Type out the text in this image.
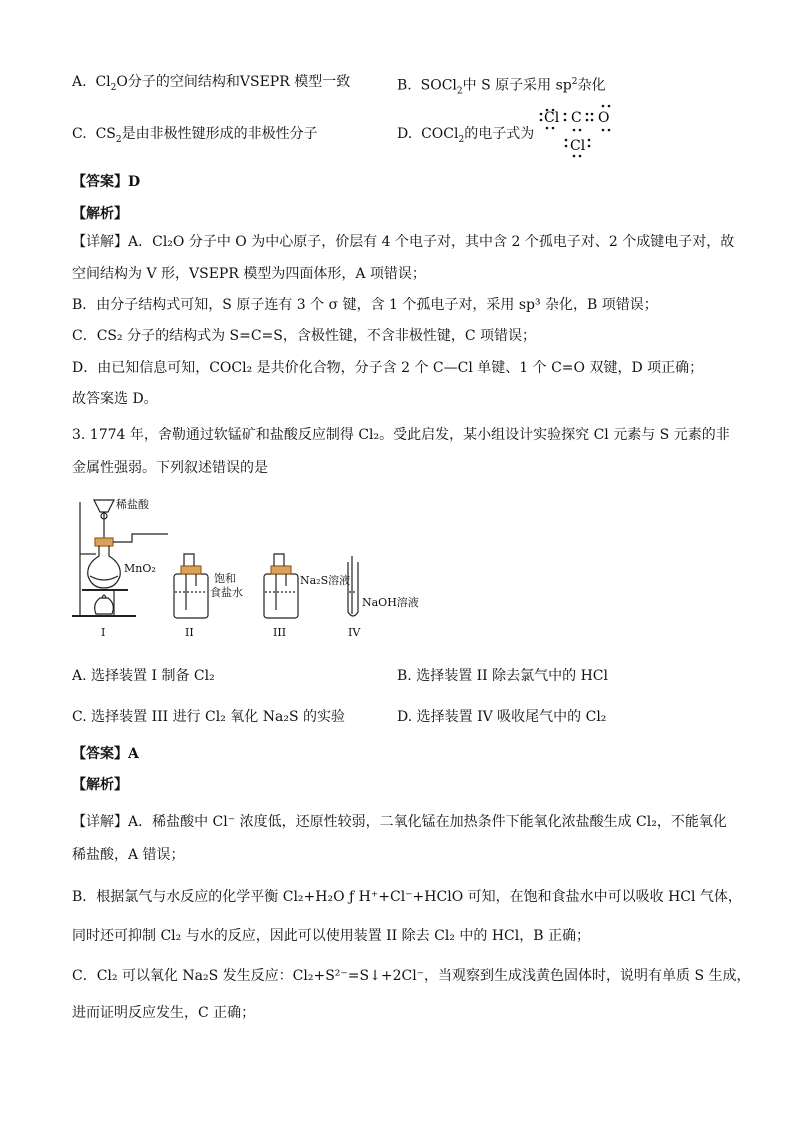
A. $Cl_2O$分子的空间结构和VSEPR 模型一致	B. SOCl$_2$中 S 原子采用 $sp^2$杂化
C. $CS_2$是由非极性键形成的非极性分子	D. COCl$_2$的电子式为
Cl C O
Cl
【答案】D
【解析】
【详解】A．Cl₂O 分子中 O 为中心原子，价层有 4 个电子对，其中含 2 个孤电子对、2 个成键电子对，故
空间结构为 V 形，VSEPR 模型为四面体形，A 项错误；
B．由分子结构式可知，S 原子连有 3 个 σ 键，含 1 个孤电子对，采用 sp³ 杂化，B 项错误；
C．CS₂ 分子的结构式为 S=C=S，含极性键，不含非极性键，C 项错误；
D．由已知信息可知，COCl₂ 是共价化合物，分子含 2 个 C—Cl 单键、1 个 C=O 双键，D 项正确；
故答案选 D。
3. 1774 年，舍勒通过软锰矿和盐酸反应制得 Cl₂。受此启发，某小组设计实验探究 Cl 元素与 S 元素的非
金属性强弱。下列叙述错误的是
稀盐酸
MnO₂
I
饱和
食盐水
II
Na₂S溶液
III
NaOH溶液
IV
A. 选择装置 I 制备 Cl₂	B. 选择装置 II 除去氯气中的 HCl
C. 选择装置 III 进行 Cl₂ 氧化 Na₂S 的实验	D. 选择装置 IV 吸收尾气中的 Cl₂
【答案】A
【解析】
【详解】A．稀盐酸中 Cl⁻ 浓度低，还原性较弱，二氧化锰在加热条件下能氧化浓盐酸生成 Cl₂，不能氧化
稀盐酸，A 错误；
B．根据氯气与水反应的化学平衡 Cl₂+H₂O ƒ H⁺+Cl⁻+HClO 可知，在饱和食盐水中可以吸收 HCl 气体，
同时还可抑制 Cl₂ 与水的反应，因此可以使用装置 II 除去 Cl₂ 中的 HCl，B 正确；
C．Cl₂ 可以氧化 Na₂S 发生反应：Cl₂+S²⁻=S↓+2Cl⁻，当观察到生成浅黄色固体时，说明有单质 S 生成，
进而证明反应发生，C 正确；
